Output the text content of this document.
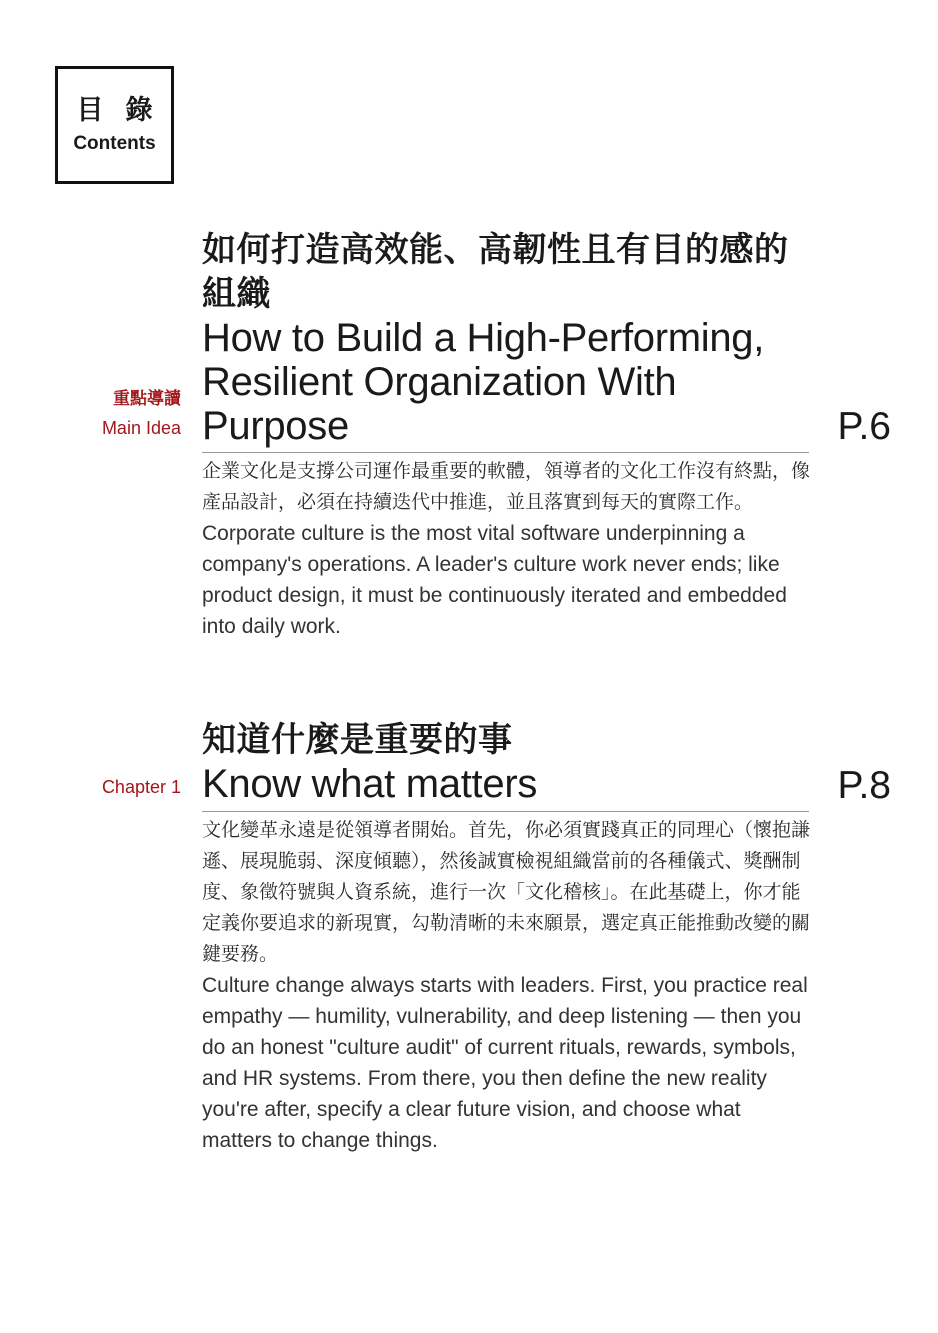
目錄
Contents
重點導讀
Main Idea
如何打造高效能、高韌性且有目的感的組織
How to Build a High-Performing, Resilient Organization With Purpose	P.6
企業文化是支撐公司運作最重要的軟體，領導者的文化工作沒有終點，像產品設計，必須在持續迭代中推進，並且落實到每天的實際工作。
Corporate culture is the most vital software underpinning a company's operations. A leader's culture work never ends; like product design, it must be continuously iterated and embedded into daily work.
Chapter 1
知道什麼是重要的事
Know what matters	P.8
文化變革永遠是從領導者開始。首先，你必須實踐真正的同理心（懷抱謙遜、展現脆弱、深度傾聽），然後誠實檢視組織當前的各種儀式、獎酬制度、象徵符號與人資系統，進行一次「文化稽核」。在此基礎上，你才能定義你要追求的新現實，勾勒清晰的未來願景，選定真正能推動改變的關鍵要務。
Culture change always starts with leaders. First, you practice real empathy — humility, vulnerability, and deep listening — then you do an honest "culture audit" of current rituals, rewards, symbols, and HR systems. From there, you then define the new reality you're after, specify a clear future vision, and choose what matters to change things.
